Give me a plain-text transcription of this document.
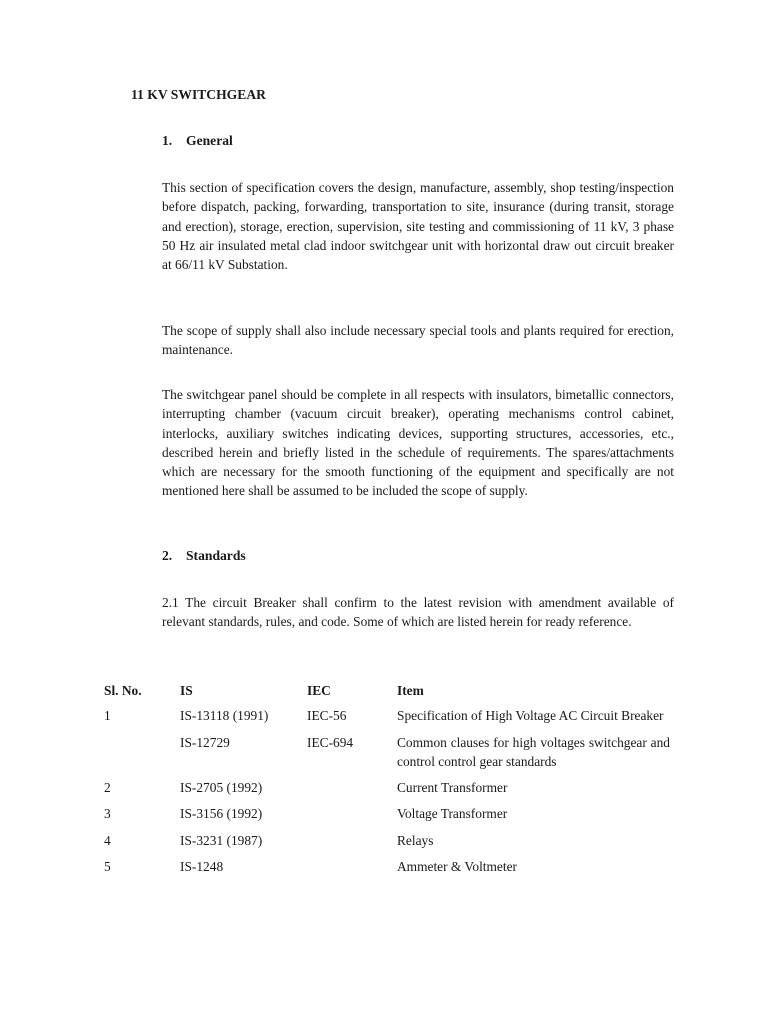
11 KV SWITCHGEAR
1. General

This section of specification covers the design, manufacture, assembly, shop testing/inspection before dispatch, packing, forwarding, transportation to site, insurance (during transit, storage and erection), storage, erection, supervision, site testing and commissioning of 11 kV, 3 phase 50 Hz air insulated metal clad indoor switchgear unit with horizontal draw out circuit breaker at 66/11 kV Substation.

The scope of supply shall also include necessary special tools and plants required for erection, maintenance.

The switchgear panel should be complete in all respects with insulators, bimetallic connectors, interrupting chamber (vacuum circuit breaker), operating mechanisms control cabinet, interlocks, auxiliary switches indicating devices, supporting structures, accessories, etc., described herein and briefly listed in the schedule of requirements. The spares/attachments which are necessary for the smooth functioning of the equipment and specifically are not mentioned here shall be assumed to be included the scope of supply.

2. Standards

2.1 The circuit Breaker shall confirm to the latest revision with amendment available of relevant standards, rules, and code. Some of which are listed herein for ready reference.

Sl. No.	IS	IEC	Item
1	IS-13118 (1991)	IEC-56	Specification of High Voltage AC Circuit Breaker
	IS-12729	IEC-694	Common clauses for high voltages switchgear and control control gear standards
2	IS-2705 (1992)		Current Transformer
3	IS-3156 (1992)		Voltage Transformer
4	IS-3231 (1987)		Relays
5	IS-1248		Ammeter & Voltmeter
